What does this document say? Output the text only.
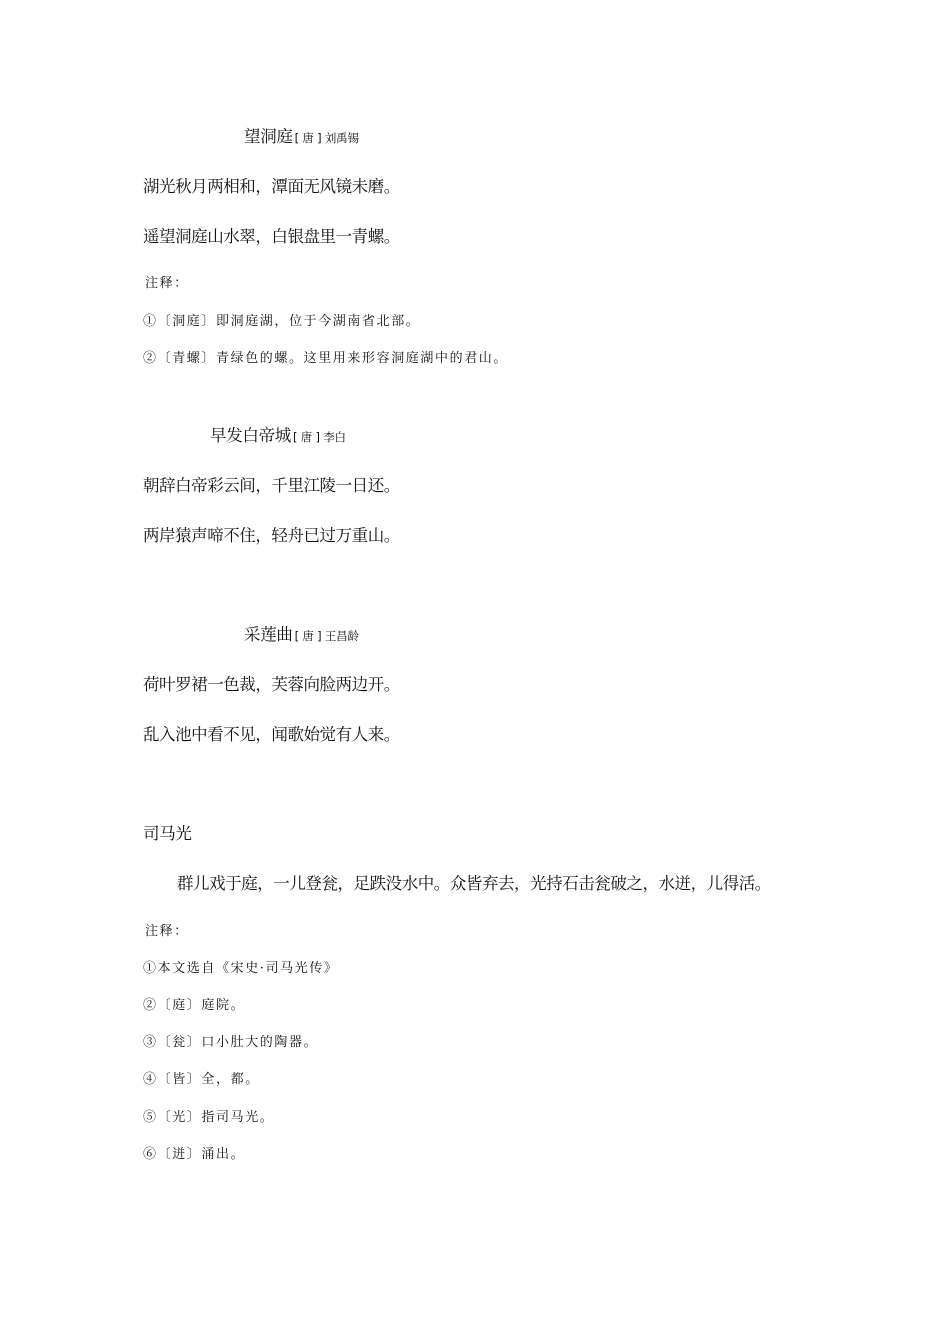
望洞庭 [ 唐 ] 刘禹锡
湖光秋月两相和，潭面无风镜未磨。
遥望洞庭山水翠，白银盘里一青螺。
注释：
①〔洞庭〕即洞庭湖，位于今湖南省北部。
②〔青螺〕青绿色的螺。这里用来形容洞庭湖中的君山。
早发白帝城 [ 唐 ] 李白
朝辞白帝彩云间，千里江陵一日还。
两岸猿声啼不住，轻舟已过万重山。
采莲曲 [ 唐 ] 王昌龄
荷叶罗裙一色裁，芙蓉向脸两边开。
乱入池中看不见，闻歌始觉有人来。
司马光
群儿戏于庭，一儿登瓮，足跌没水中。众皆弃去，光持石击瓮破之，水迸，儿得活。
注释：
①本文选自《宋史·司马光传》
②〔庭〕庭院。
③〔瓮〕口小肚大的陶器。
④〔皆〕全，都。
⑤〔光〕指司马光。
⑥〔迸〕涌出。
